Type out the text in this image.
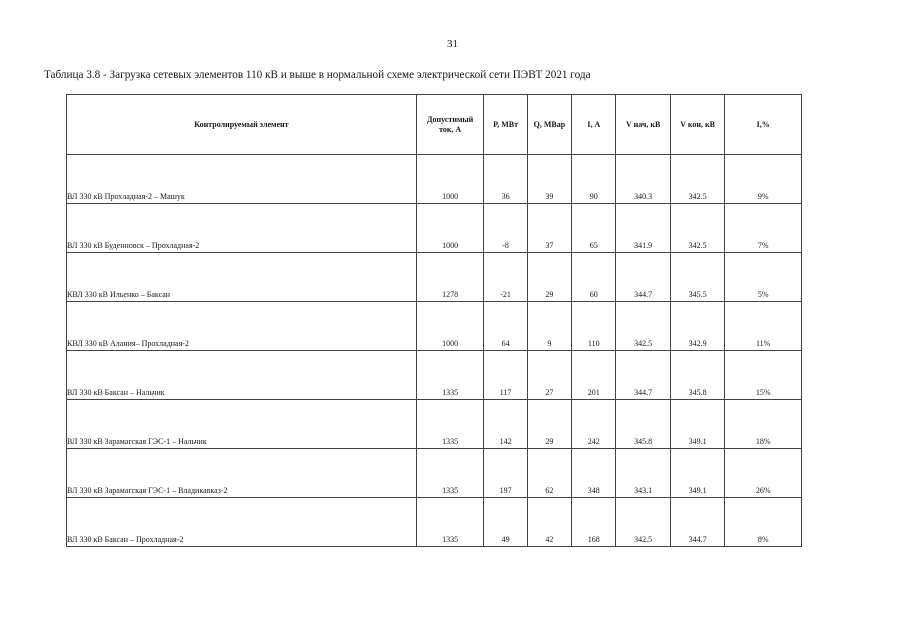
31
Таблица 3.8 - Загрузка сетевых элементов 110 кВ и выше в нормальной схеме электрической сети ПЭВТ 2021 года
Контролируемый элемент	Допустимый ток, А	P, МВт	Q, МВар	I, А	V нач, кВ	V кон, кВ	I,%
ВЛ 330 кВ Прохладная-2 – Машук	1000	36	39	90	340.3	342.5	9%
ВЛ 330 кВ Буденновск – Прохладная-2	1000	-8	37	65	341.9	342.5	7%
КВЛ 330 кВ Ильенко – Баксан	1278	-21	29	60	344.7	345.5	5%
КВЛ 330 кВ Алания– Прохладная-2	1000	64	9	110	342.5	342.9	11%
ВЛ 330 кВ Баксан – Нальчик	1335	117	27	201	344.7	345.8	15%
ВЛ 330 кВ Зарамагская ГЭС-1 – Нальчик	1335	142	29	242	345.8	349.1	18%
ВЛ 330 кВ Зарамагская ГЭС-1 – Владикавказ-2	1335	197	62	348	343.1	349.1	26%
ВЛ 330 кВ Баксан – Прохладная-2	1335	49	42	168	342.5	344.7	8%
